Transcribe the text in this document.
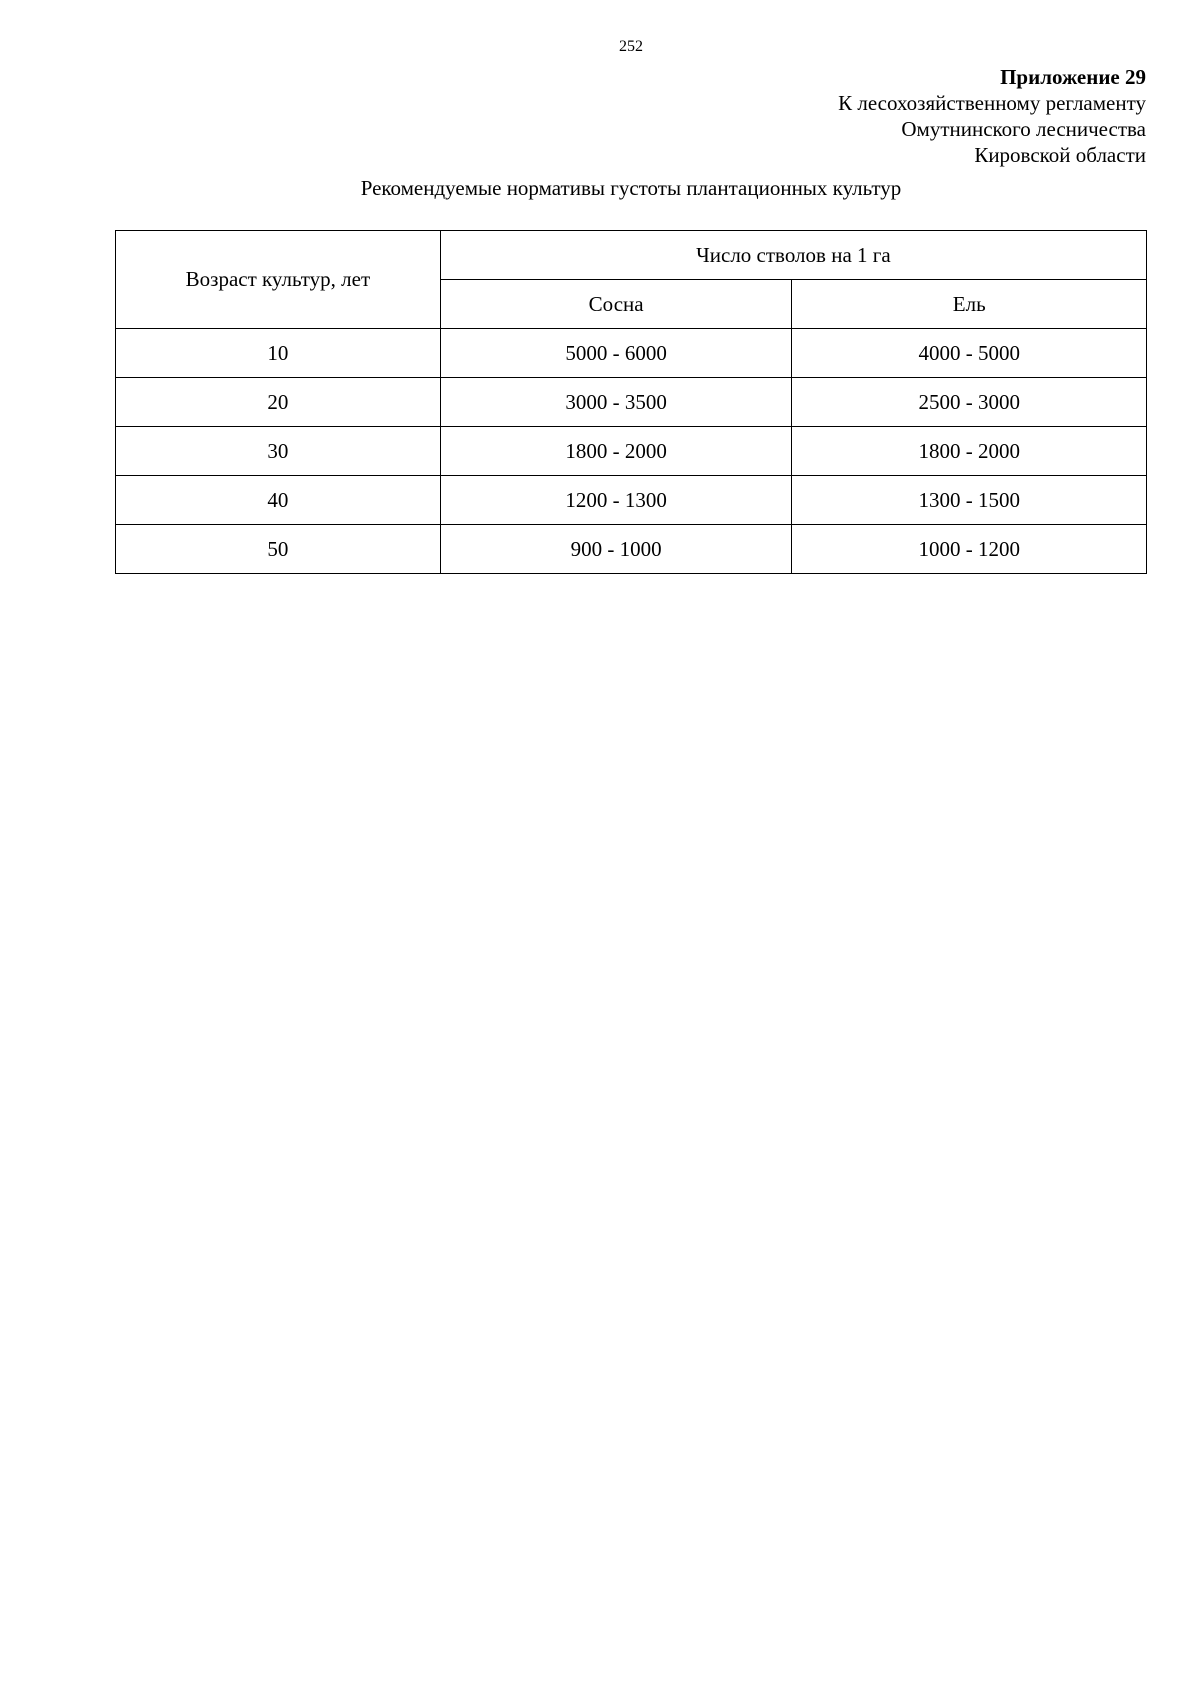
252
Приложение 29
К лесохозяйственному регламенту
Омутнинского лесничества
Кировской области
Рекомендуемые нормативы густоты плантационных культур
Возраст культур, лет	Число стволов на 1 га	
	Сосна	Ель
10	5000 - 6000	4000 - 5000
20	3000 - 3500	2500 - 3000
30	1800 - 2000	1800 - 2000
40	1200 - 1300	1300 - 1500
50	900 - 1000	1000 - 1200
